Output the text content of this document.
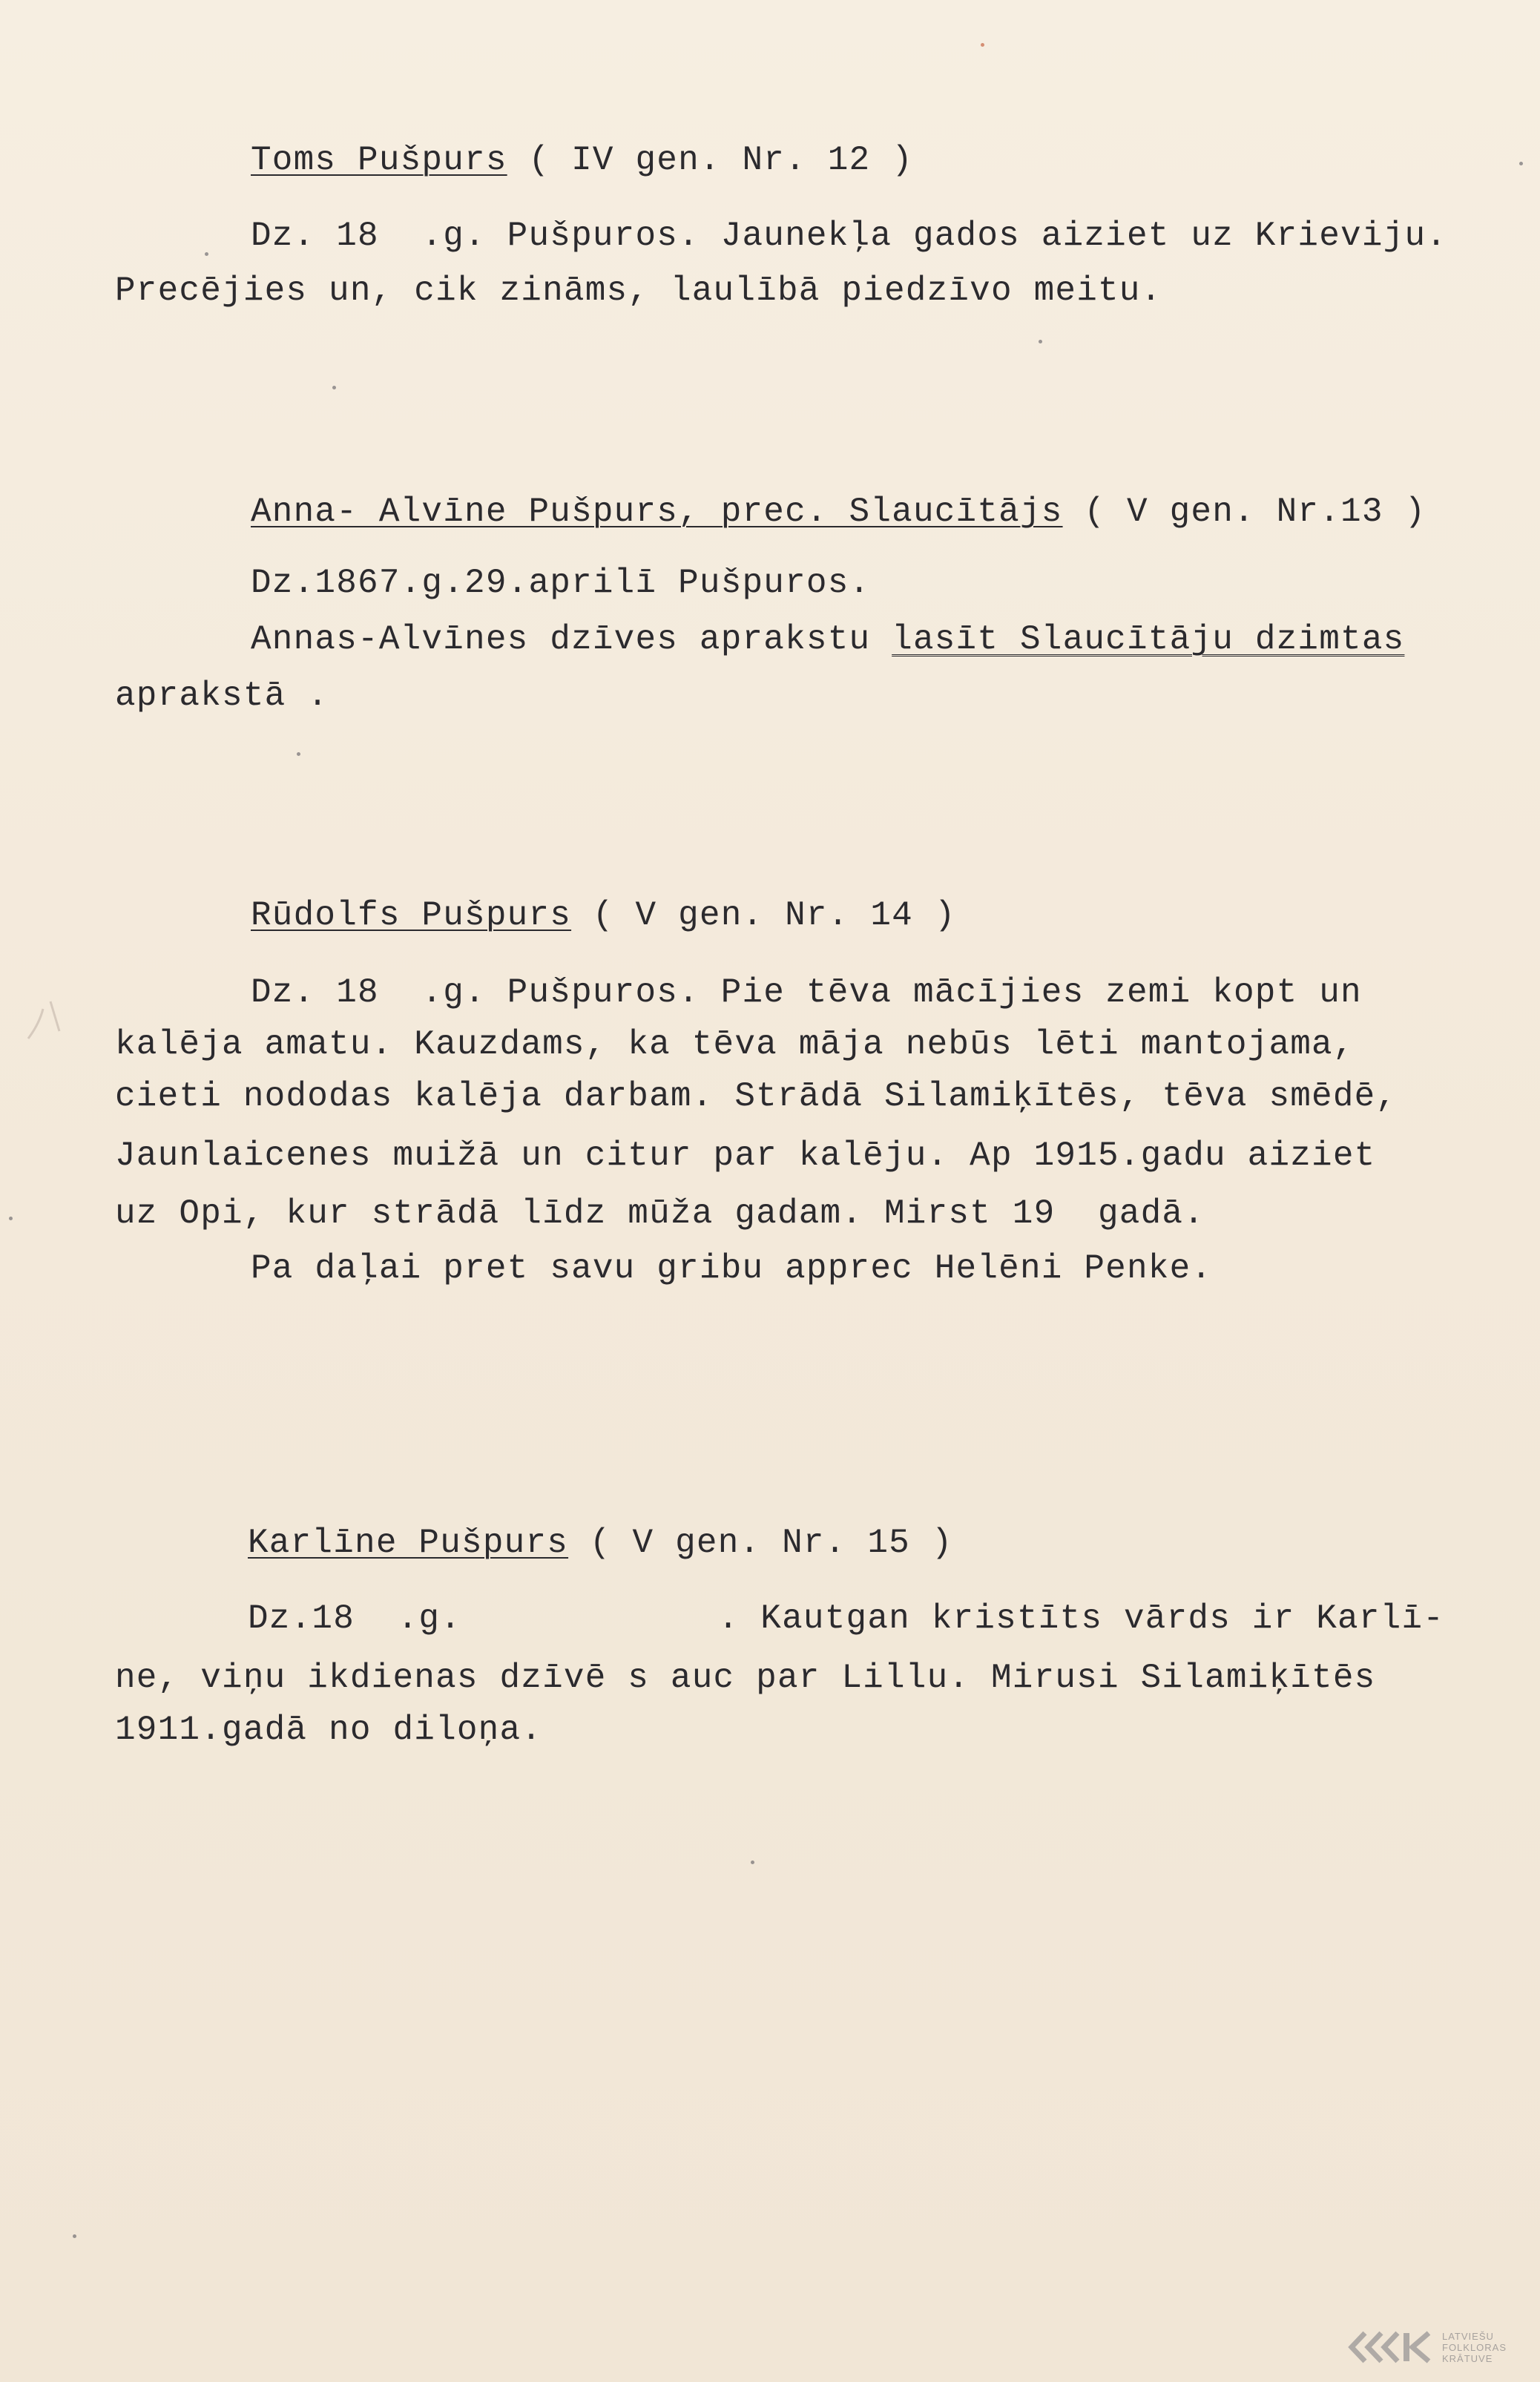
Toms Pušpurs ( IV gen. Nr. 12 )
Dz. 18  .g. Pušpuros. Jaunekļa gados aiziet uz Krieviju.
Precējies un, cik zināms, laulībā piedzīvo meitu.
Anna- Alvīne Pušpurs, prec. Slaucītājs ( V gen. Nr.13 )
Dz.1867.g.29.aprilī Pušpuros.
Annas-Alvīnes dzīves aprakstu lasīt Slaucītāju dzimtas
aprakstā .
Rūdolfs Pušpurs ( V gen. Nr. 14 )
Dz. 18  .g. Pušpuros. Pie tēva mācījies zemi kopt un
kalēja amatu. Kauzdams, ka tēva māja nebūs lēti mantojama,
cieti nododas kalēja darbam. Strādā Silamiķītēs, tēva smēdē,
Jaunlaicenes muižā un citur par kalēju. Ap 1915.gadu aiziet
uz Opi, kur strādā līdz mūža gadam. Mirst 19  gadā.
Pa daļai pret savu gribu apprec Helēni Penke.
Karlīne Pušpurs ( V gen. Nr. 15 )
Dz.18  .g.            . Kautgan kristīts vārds ir Karlī-
ne, viņu ikdienas dzīvē s auc par Lillu. Mirusi Silamiķītēs
1911.gadā no diloņa.
LATVIEŠU
FOLKLORAS
KRĀTUVE
